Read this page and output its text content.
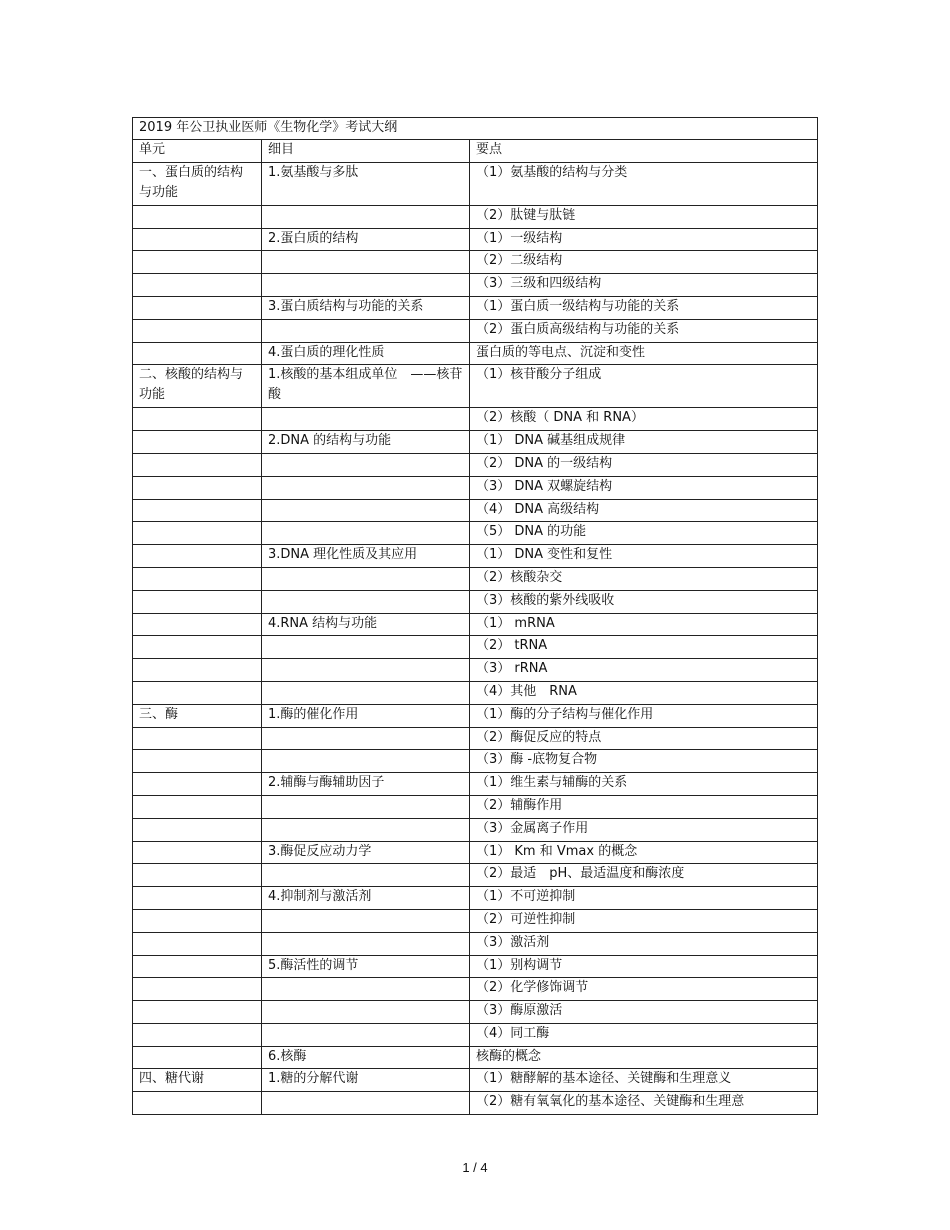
2019 年公卫执业医师《生物化学》考试大纲		
单元	细目	要点
一、蛋白质的结构与功能	1.氨基酸与多肽	（1）氨基酸的结构与分类
		（2）肽键与肽链
	2.蛋白质的结构	（1）一级结构
		（2）二级结构
		（3）三级和四级结构
	3.蛋白质结构与功能的关系	（1）蛋白质一级结构与功能的关系
		（2）蛋白质高级结构与功能的关系
	4.蛋白质的理化性质	蛋白质的等电点、沉淀和变性
二、核酸的结构与功能	1.核酸的基本组成单位　——核苷酸	（1）核苷酸分子组成
		（2）核酸（ DNA 和 RNA）
	2.DNA 的结构与功能	（1） DNA 碱基组成规律
		（2） DNA 的一级结构
		（3） DNA 双螺旋结构
		（4） DNA 高级结构
		（5） DNA 的功能
	3.DNA 理化性质及其应用	（1） DNA 变性和复性
		（2）核酸杂交
		（3）核酸的紫外线吸收
	4.RNA 结构与功能	（1） mRNA
		（2） tRNA
		（3） rRNA
		（4）其他　RNA
三、酶	1.酶的催化作用	（1）酶的分子结构与催化作用
		（2）酶促反应的特点
		（3）酶 -底物复合物
	2.辅酶与酶辅助因子	（1）维生素与辅酶的关系
		（2）辅酶作用
		（3）金属离子作用
	3.酶促反应动力学	（1） Km 和 Vmax 的概念
		（2）最适　pH、最适温度和酶浓度
	4.抑制剂与激活剂	（1）不可逆抑制
		（2）可逆性抑制
		（3）激活剂
	5.酶活性的调节	（1）别构调节
		（2）化学修饰调节
		（3）酶原激活
		（4）同工酶
	6.核酶	核酶的概念
四、糖代谢	1.糖的分解代谢	（1）糖酵解的基本途径、关键酶和生理意义
		（2）糖有氧氧化的基本途径、关键酶和生理意
1 / 4
